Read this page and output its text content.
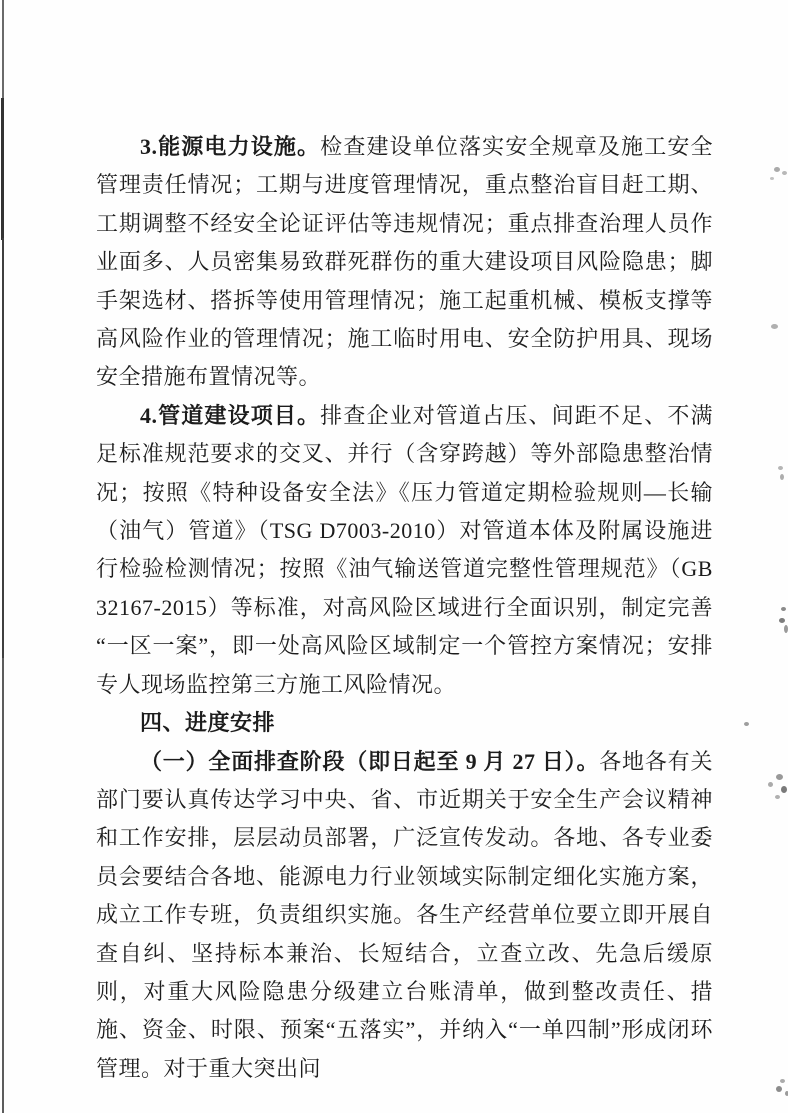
3.能源电力设施。检查建设单位落实安全规章及施工安全管理责任情况；工期与进度管理情况，重点整治盲目赶工期、工期调整不经安全论证评估等违规情况；重点排查治理人员作业面多、人员密集易致群死群伤的重大建设项目风险隐患；脚手架选材、搭拆等使用管理情况；施工起重机械、模板支撑等高风险作业的管理情况；施工临时用电、安全防护用具、现场安全措施布置情况等。

4.管道建设项目。排查企业对管道占压、间距不足、不满足标准规范要求的交叉、并行（含穿跨越）等外部隐患整治情况；按照《特种设备安全法》《压力管道定期检验规则—长输（油气）管道》（TSG D7003-2010）对管道本体及附属设施进行检验检测情况；按照《油气输送管道完整性管理规范》（GB 32167-2015）等标准，对高风险区域进行全面识别，制定完善“一区一案”，即一处高风险区域制定一个管控方案情况；安排专人现场监控第三方施工风险情况。

四、进度安排

（一）全面排查阶段（即日起至 9 月 27 日）。各地各有关部门要认真传达学习中央、省、市近期关于安全生产会议精神和工作安排，层层动员部署，广泛宣传发动。各地、各专业委员会要结合各地、能源电力行业领域实际制定细化实施方案，成立工作专班，负责组织实施。各生产经营单位要立即开展自查自纠、坚持标本兼治、长短结合，立查立改、先急后缓原则，对重大风险隐患分级建立台账清单，做到整改责任、措施、资金、时限、预案“五落实”，并纳入“一单四制”形成闭环管理。对于重大突出问
